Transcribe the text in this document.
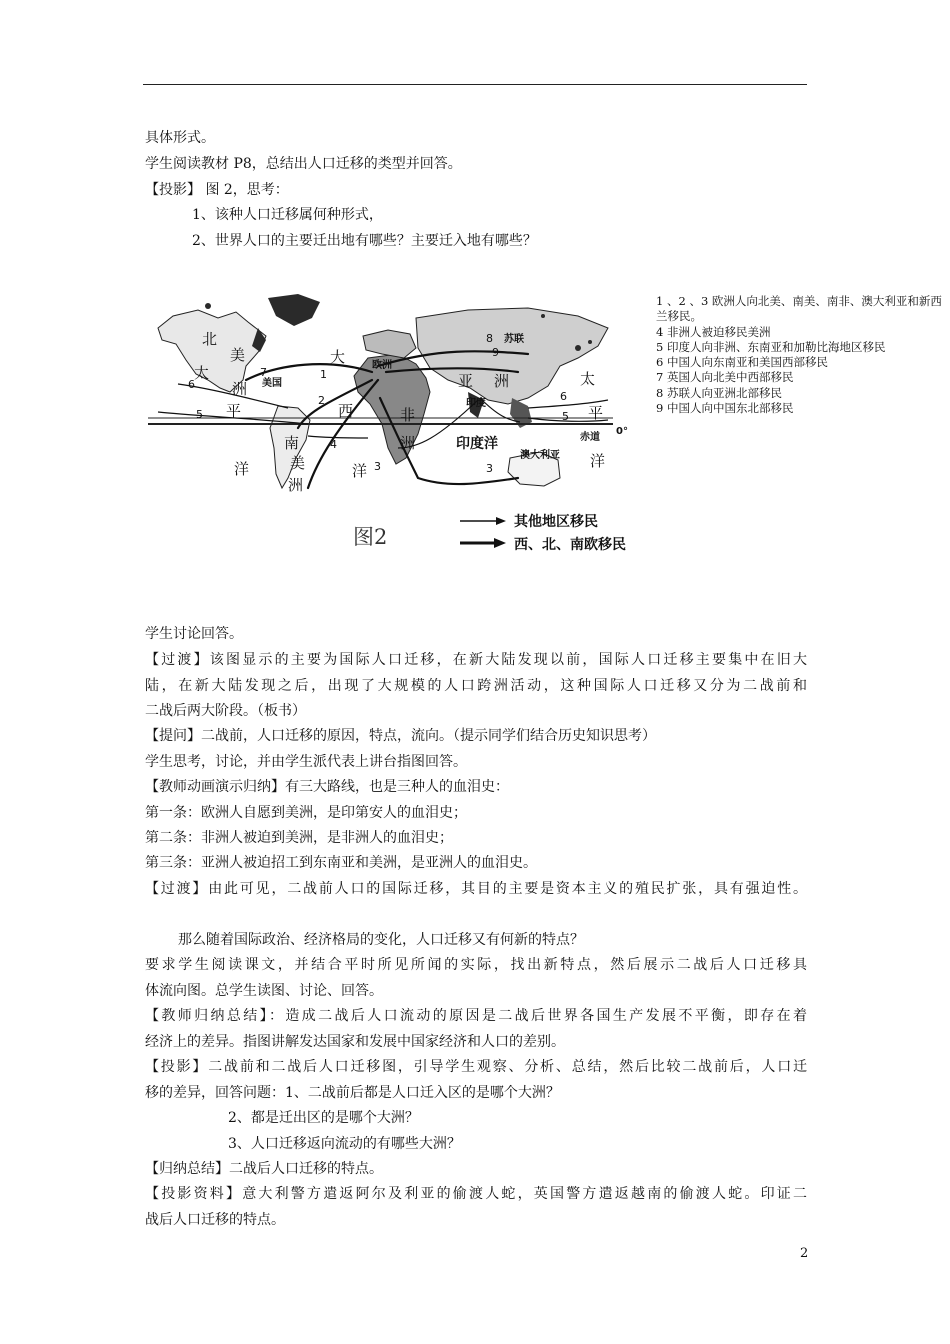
具体形式。
学生阅读教材 P8，总结出人口迁移的类型并回答。
【投影】 图 2，思考：
1、该种人口迁移属何种形式，
2、世界人口的主要迁出地有哪些？主要迁入地有哪些？
北
美
洲
大
西
洋
太
平
洋
非
洲
亚 洲	太
平
洋
南
美
洲
欧洲
美国
苏联
印度
澳大利亚
赤道
0°
印度洋
6
5
7	1
2
4
3	3
8
6
5
9
图2
其他地区移民
西、北、南欧移民
1 、2 、3 欧洲人向北美、南美、南非、澳大利亚和新西兰移民。
4 非洲人被迫移民美洲
5 印度人向非洲、东南亚和加勒比海地区移民
6 中国人向东南亚和美国西部移民
7 英国人向北美中西部移民
8 苏联人向亚洲北部移民
9 中国人向中国东北部移民
学生讨论回答。
【过渡】该图显示的主要为国际人口迁移，在新大陆发现以前，国际人口迁移主要集中在旧大
陆，在新大陆发现之后，出现了大规模的人口跨洲活动，这种国际人口迁移又分为二战前和
二战后两大阶段。（板书）
【提问】二战前，人口迁移的原因，特点，流向。（提示同学们结合历史知识思考）
学生思考，讨论，并由学生派代表上讲台指图回答。
【教师动画演示归纳】有三大路线，也是三种人的血泪史：
第一条：欧洲人自愿到美洲，是印第安人的血泪史；
第二条：非洲人被迫到美洲，是非洲人的血泪史；
第三条：亚洲人被迫招工到东南亚和美洲，是亚洲人的血泪史。
【过渡】由此可见，二战前人口的国际迁移，其目的主要是资本主义的殖民扩张，具有强迫性。
那么随着国际政治、经济格局的变化，人口迁移又有何新的特点？
要求学生阅读课文，并结合平时所见所闻的实际，找出新特点，然后展示二战后人口迁移具
体流向图。总学生读图、讨论、回答。
【教师归纳总结】：造成二战后人口流动的原因是二战后世界各国生产发展不平衡，即存在着
经济上的差异。指图讲解发达国家和发展中国家经济和人口的差别。
【投影】二战前和二战后人口迁移图，引导学生观察、分析、总结，然后比较二战前后，人口迁
移的差异，回答问题：1、二战前后都是人口迁入区的是哪个大洲？
2、都是迁出区的是哪个大洲？
3、人口迁移返向流动的有哪些大洲？
【归纳总结】二战后人口迁移的特点。
【投影资料】意大利警方遣返阿尔及利亚的偷渡人蛇，英国警方遣返越南的偷渡人蛇。印证二
战后人口迁移的特点。
2
